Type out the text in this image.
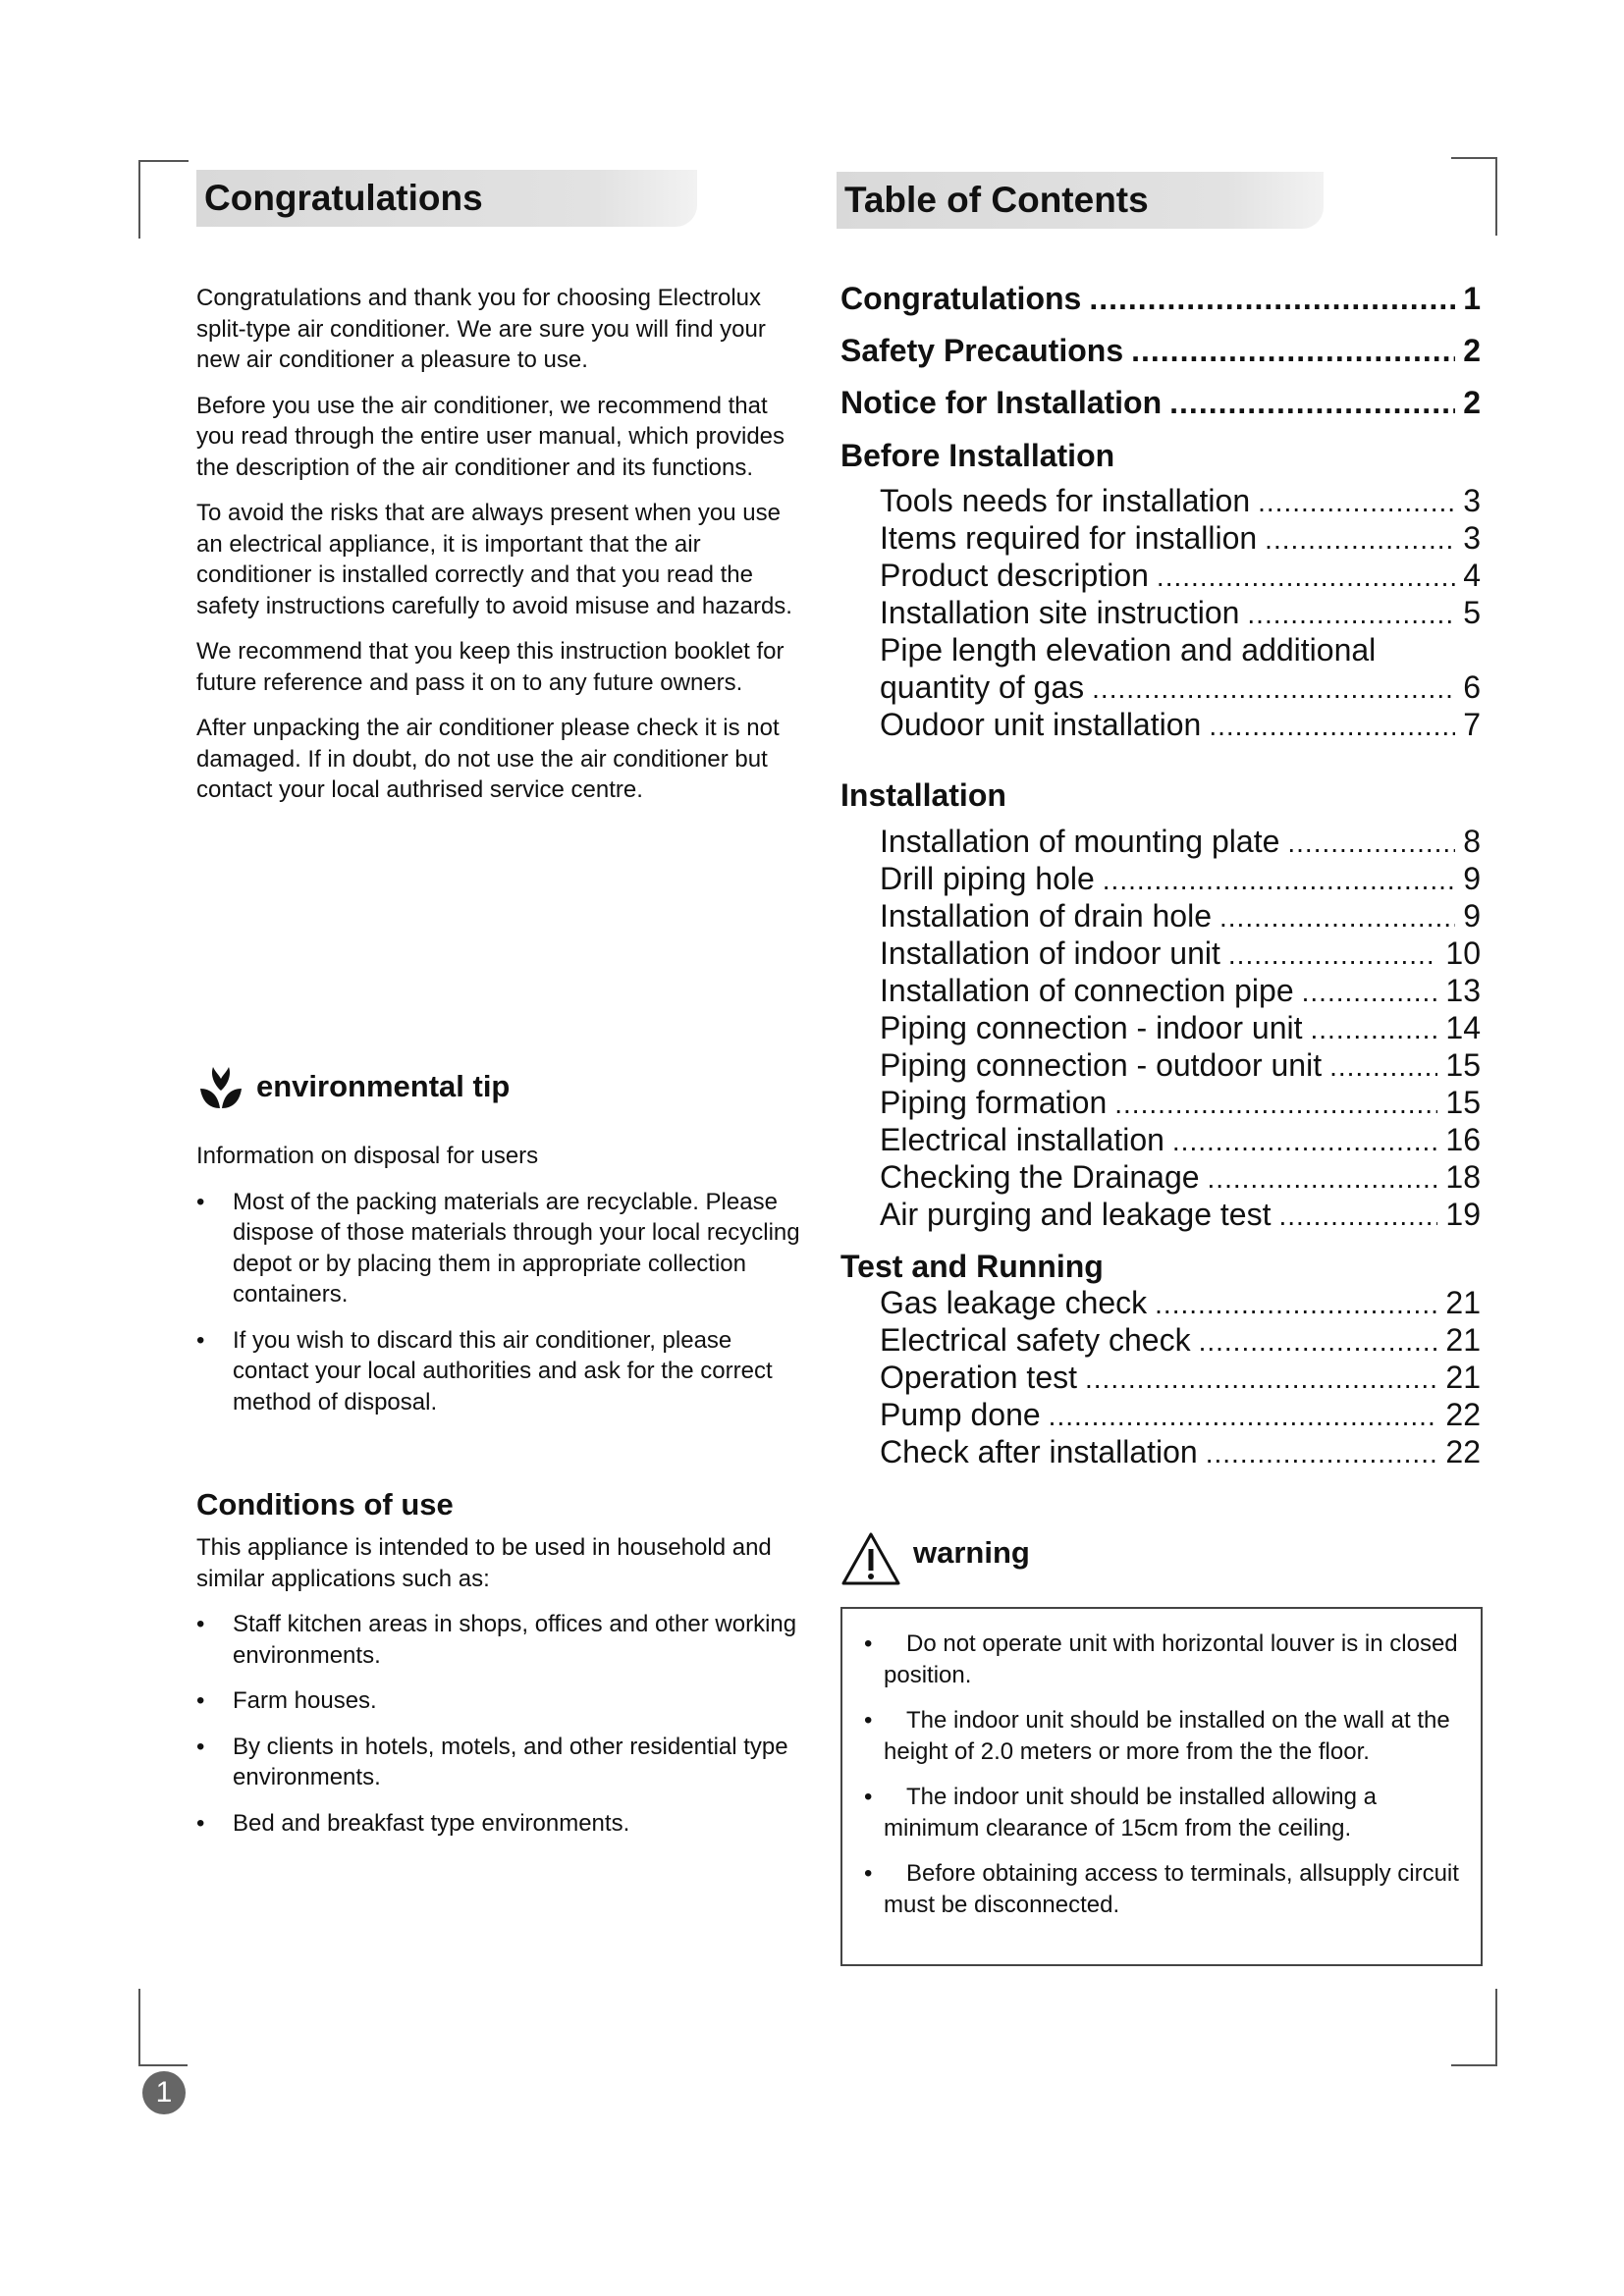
Congratulations

Congratulations and thank you for choosing Electrolux split-type air conditioner. We are sure you will find your new air conditioner a pleasure to use.

Before you use the air conditioner, we recommend that you read through the entire user manual, which provides the description of the air conditioner and its functions.

To avoid the risks that are always present when you use an electrical appliance, it is important that the air conditioner is installed correctly and that you read the safety instructions carefully to avoid misuse and hazards.

We recommend that you keep this instruction booklet for future reference and pass it on to any future owners.

After unpacking the air conditioner please check it is not damaged. If in doubt, do not use the air conditioner but contact your local authrised service centre.

environmental tip

Information on disposal for users

• Most of the packing materials are recyclable. Please dispose of those materials through your local recycling depot or by placing them in appropriate collection containers.
• If you wish to discard this air conditioner, please contact your local authorities and ask for the correct method of disposal.
Conditions of use

This appliance is intended to be used in household and similar applications such as:

• Staff kitchen areas in shops, offices and other working environments.
• Farm houses.
• By clients in hotels, motels, and other residential type environments.
• Bed and breakfast type environments.
Table of Contents
Congratulations .....	1
Safety Precautions .....	2
Notice for Installation .....	2
Before Installation
Tools needs for installation .....	3
Items required for installion .....	3
Product description .....	4
Installation site instruction .....	5
Pipe length elevation and additional
quantity of gas .....	6
Oudoor unit installation .....	7
Installation
Installation of mounting plate .....	8
Drill piping hole .....	9
Installation of drain hole .....	9
Installation of indoor unit .....	10
Installation of connection pipe .....	13
Piping connection - indoor unit .....	14
Piping connection - outdoor unit .....	15
Piping formation .....	15
Electrical installation .....	16
Checking the Drainage .....	18
Air purging and leakage test .....	19
Test and Running
Gas leakage check .....	21
Electrical safety check .....	21
Operation test .....	21
Pump done .....	22
Check after installation .....	22
warning
• Do not operate unit with horizontal louver is in closed position.
• The indoor unit should be installed on the wall at the height of 2.0 meters or more from the the floor.
• The indoor unit should be installed allowing a minimum clearance of 15cm from the ceiling.
• Before obtaining access to terminals, allsupply circuit must be disconnected.
1
